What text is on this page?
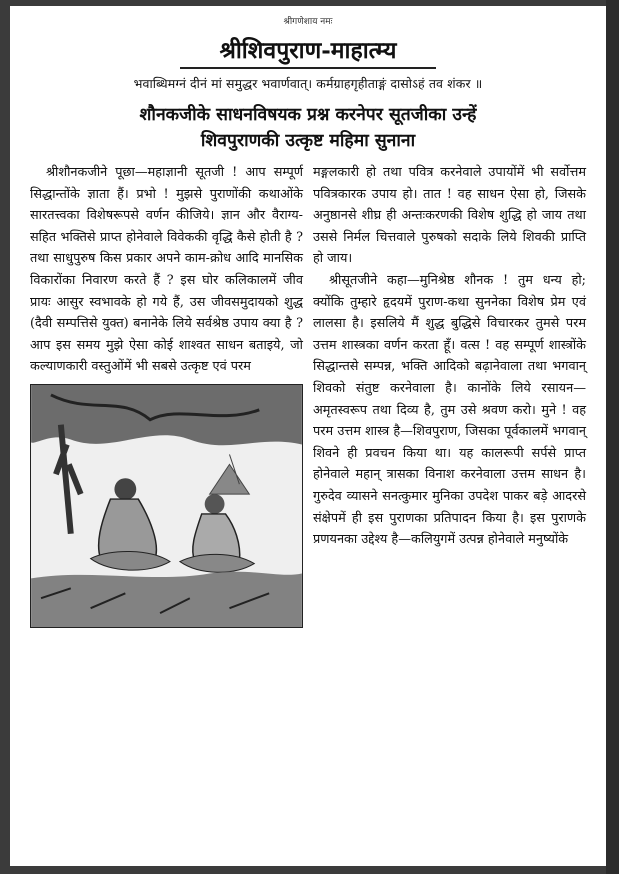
श्रीगणेशाय नमः
श्रीशिवपुराण-माहात्म्य
भवाब्धिमग्नं दीनं मां समुद्धर भवार्णवात्। कर्मग्राहगृहीताङ्गं दासोऽहं तव शंकर ॥
शौनकजीके साधनविषयक प्रश्न करनेपर सूतजीका उन्हें
शिवपुराणकी उत्कृष्ट महिमा सुनाना

श्रीशौनकजीने पूछा—महाज्ञानी सूतजी ! आप सम्पूर्ण सिद्धान्तोंके ज्ञाता हैं। प्रभो ! मुझसे पुराणोंकी कथाओंके सारतत्त्वका विशेषरूपसे वर्णन कीजिये। ज्ञान और वैराग्य-सहित भक्तिसे प्राप्त होनेवाले विवेककी वृद्धि कैसे होती है ? तथा साधुपुरुष किस प्रकार अपने काम-क्रोध आदि मानसिक विकारोंका निवारण करते हैं ? इस घोर कलिकालमें जीव प्रायः आसुर स्वभावके हो गये हैं, उस जीवसमुदायको शुद्ध (दैवी सम्पत्तिसे युक्त) बनानेके लिये सर्वश्रेष्ठ उपाय क्या है ? आप इस समय मुझे ऐसा कोई शाश्वत साधन बताइये, जो कल्याणकारी वस्तुओंमें भी सबसे उत्कृष्ट एवं परम

मङ्गलकारी हो तथा पवित्र करनेवाले उपायोंमें भी सर्वोत्तम पवित्रकारक उपाय हो। तात ! वह साधन ऐसा हो, जिसके अनुष्ठानसे शीघ्र ही अन्तःकरणकी विशेष शुद्धि हो जाय तथा उससे निर्मल चित्तवाले पुरुषको सदाके लिये शिवकी प्राप्ति हो जाय।

श्रीसूतजीने कहा—मुनिश्रेष्ठ शौनक ! तुम धन्य हो; क्योंकि तुम्हारे हृदयमें पुराण-कथा सुननेका विशेष प्रेम एवं लालसा है। इसलिये मैं शुद्ध बुद्धिसे विचारकर तुमसे परम उत्तम शास्त्रका वर्णन करता हूँ। वत्स ! वह सम्पूर्ण शास्त्रोंके सिद्धान्तसे सम्पन्न, भक्ति आदिको बढ़ानेवाला तथा भगवान् शिवको संतुष्ट करनेवाला है। कानोंके लिये रसायन—अमृतस्वरूप तथा दिव्य है, तुम उसे श्रवण करो। मुने ! वह परम उत्तम शास्त्र है—शिवपुराण, जिसका पूर्वकालमें भगवान् शिवने ही प्रवचन किया था। यह कालरूपी सर्पसे प्राप्त होनेवाले महान् त्रासका विनाश करनेवाला उत्तम साधन है। गुरुदेव व्यासने सनत्कुमार मुनिका उपदेश पाकर बड़े आदरसे संक्षेपमें ही इस पुराणका प्रतिपादन किया है। इस पुराणके प्रणयनका उद्देश्य है—कलियुगमें उत्पन्न होनेवाले मनुष्योंके
